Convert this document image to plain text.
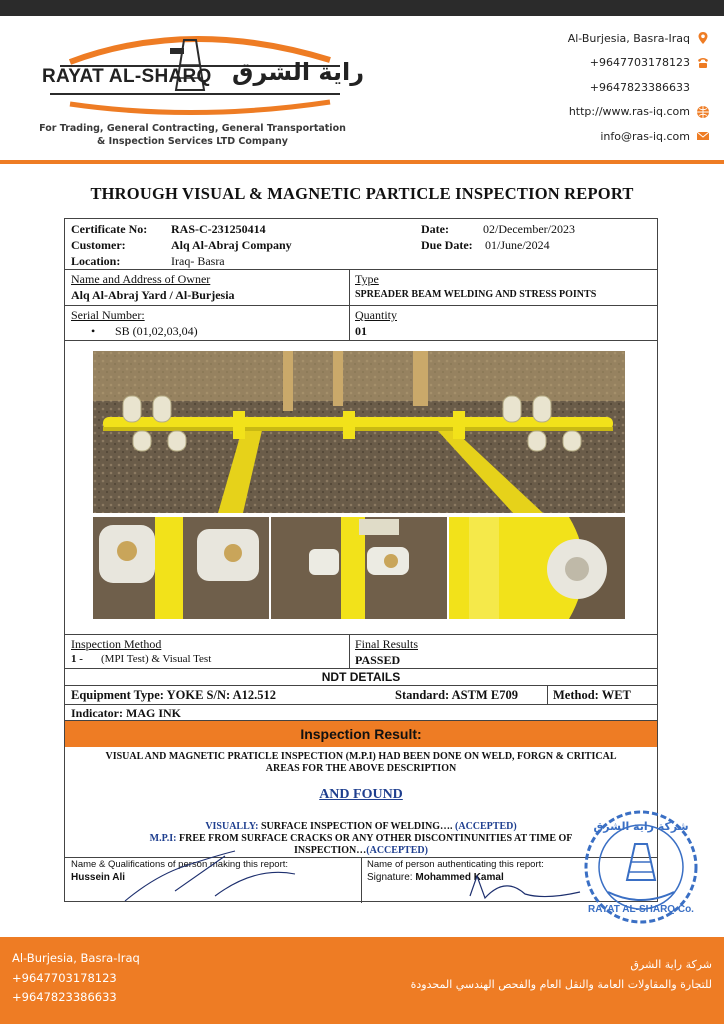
RAYAT AL-SHARQ راية الشرق
For Trading, General Contracting, General Transportation
& Inspection Services LTD Company
Al-Burjesia, Basra-Iraq
+9647703178123
+9647823386633
http://www.ras-iq.com
info@ras-iq.com
THROUGH VISUAL & MAGNETIC PARTICLE INSPECTION REPORT
Certificate No: RAS-C-231250414
Customer:	Alq Al-Abraj Company
Location:	Iraq- Basra
Date:	02/December/2023
Due Date: 01/June/2024
Name and Address of Owner
Alq Al-Abraj Yard / Al-Burjesia
Type
SPREADER BEAM WELDING AND STRESS POINTS
Serial Number:
• SB (01,02,03,04)
Quantity
01
Inspection Method
1 - (MPI Test) & Visual Test
Final Results
PASSED
NDT DETAILS
Equipment Type: YOKE S/N: A12.512	Standard: ASTM E709	Method: WET
Indicator: MAG INK
Inspection Result:
VISUAL AND MAGNETIC PRATICLE INSPECTION (M.P.I) HAD BEEN DONE ON WELD, FORGN & CRITICAL
AREAS FOR THE ABOVE DESCRIPTION
AND FOUND
VISUALLY: SURFACE INSPECTION OF WELDING…. (ACCEPTED)
M.P.I: FREE FROM SURFACE CRACKS OR ANY OTHER DISCONTINUNITIES AT TIME OF
INSPECTION…(ACCEPTED)
Name & Qualifications of person making this report:
Hussein Ali
Name of person authenticating this report:
Signature: Mohammed Kamal
شركة راية الشرق
RAYAT AL-SHARQ Co.
Al-Burjesia, Basra-Iraq
+9647703178123
+9647823386633
شركة راية الشرق
للتجارة والمقاولات العامة والنقل العام والفحص الهندسي المحدودة
